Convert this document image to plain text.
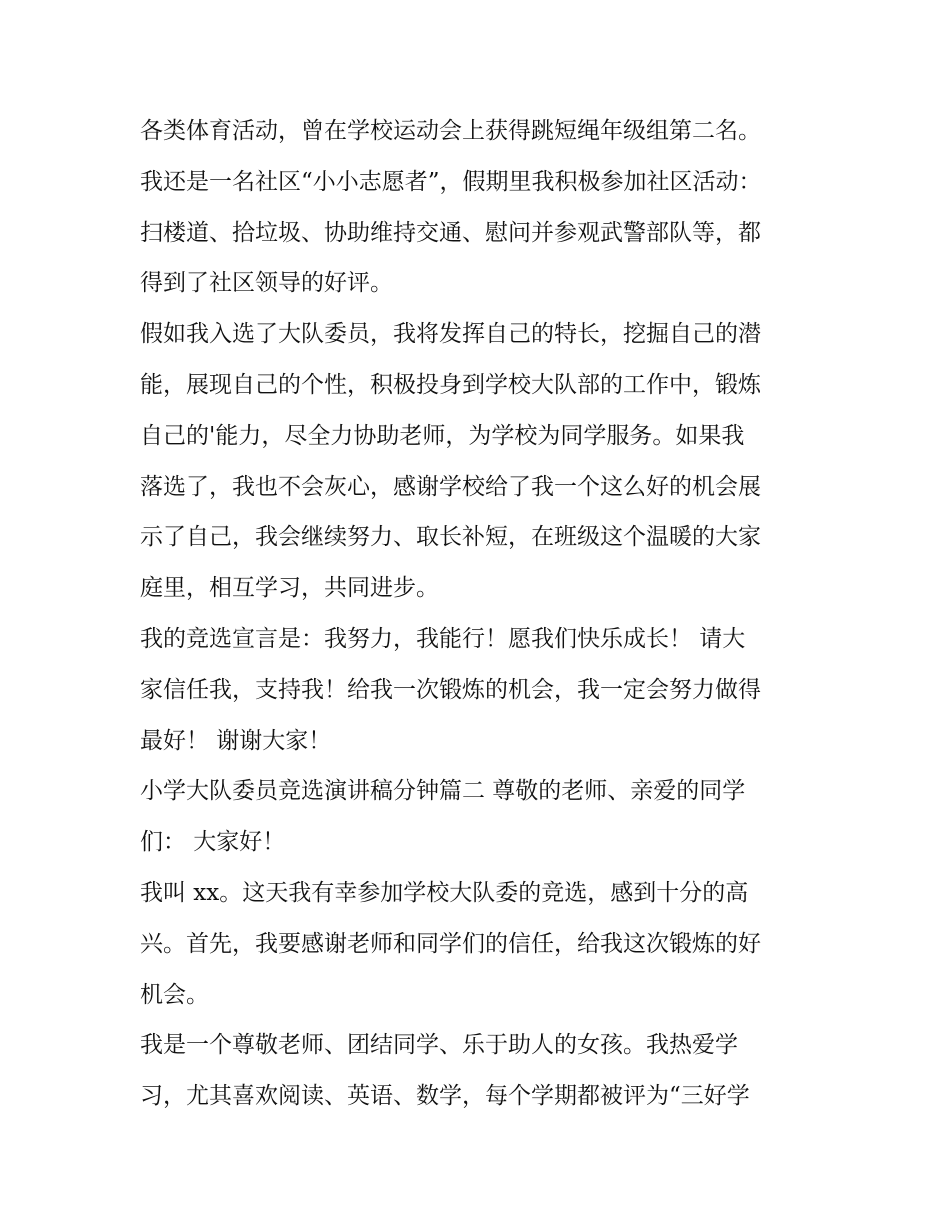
各类体育活动，曾在学校运动会上获得跳短绳年级组第二名。
我还是一名社区“小小志愿者”，假期里我积极参加社区活动：
扫楼道、拾垃圾、协助维持交通、慰问并参观武警部队等，都
得到了社区领导的好评。
假如我入选了大队委员，我将发挥自己的特长，挖掘自己的潜
能，展现自己的个性，积极投身到学校大队部的工作中，锻炼
自己的'能力，尽全力协助老师，为学校为同学服务。如果我
落选了，我也不会灰心，感谢学校给了我一个这么好的机会展
示了自己，我会继续努力、取长补短，在班级这个温暖的大家
庭里，相互学习，共同进步。
我的竞选宣言是：我努力，我能行！愿我们快乐成长！ 请大
家信任我，支持我！给我一次锻炼的机会，我一定会努力做得
最好！ 谢谢大家！
小学大队委员竞选演讲稿分钟篇二 尊敬的老师、亲爱的同学
们： 大家好！
我叫 xx。这天我有幸参加学校大队委的竞选，感到十分的高
兴。首先，我要感谢老师和同学们的信任，给我这次锻炼的好
机会。
我是一个尊敬老师、团结同学、乐于助人的女孩。我热爱学
习，尤其喜欢阅读、英语、数学，每个学期都被评为“三好学
